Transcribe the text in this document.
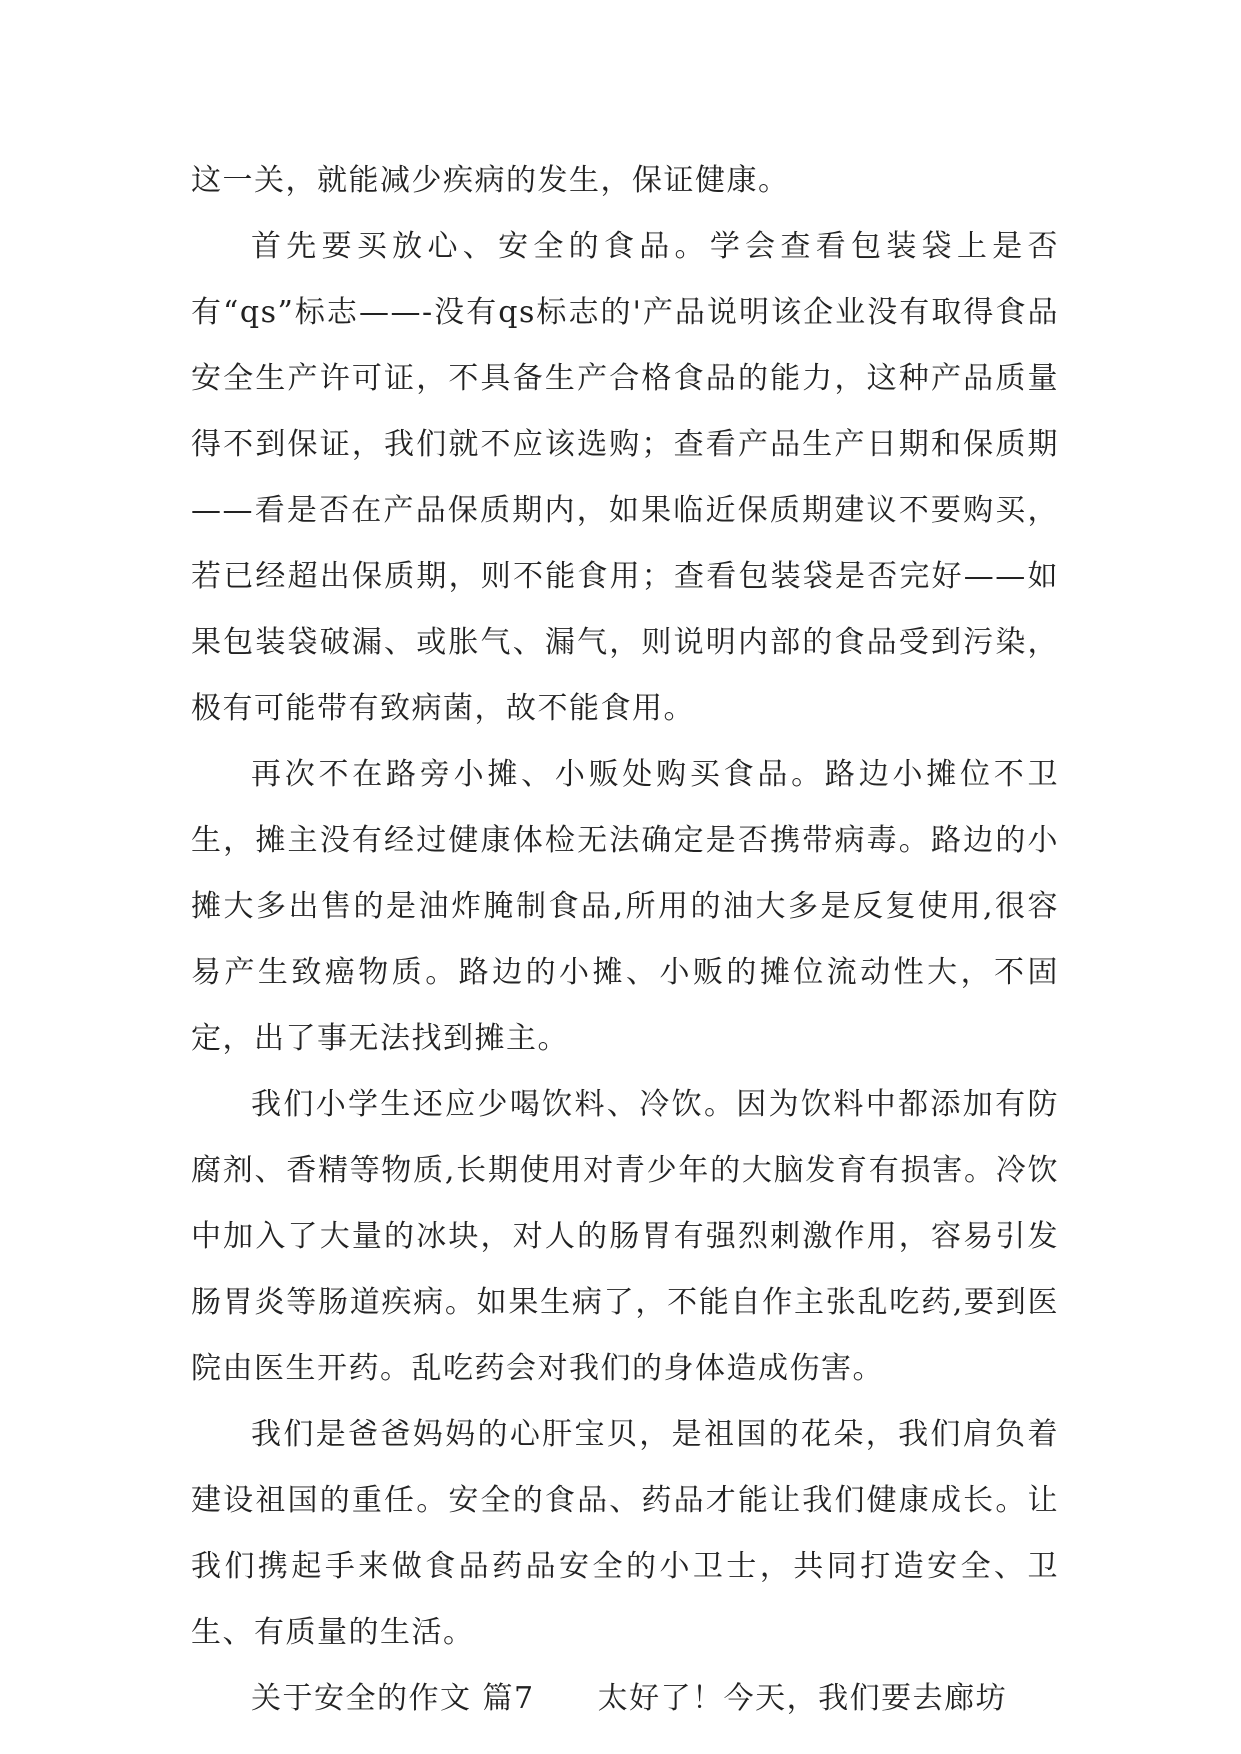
这一关，就能减少疾病的发生，保证健康。

首先要买放心、安全的食品。学会查看包装袋上是否有“qs”标志——-没有qs标志的'产品说明该企业没有取得食品安全生产许可证，不具备生产合格食品的能力，这种产品质量得不到保证，我们就不应该选购；查看产品生产日期和保质期——看是否在产品保质期内，如果临近保质期建议不要购买，若已经超出保质期，则不能食用；查看包装袋是否完好——如果包装袋破漏、或胀气、漏气，则说明内部的食品受到污染，极有可能带有致病菌，故不能食用。

再次不在路旁小摊、小贩处购买食品。路边小摊位不卫生，摊主没有经过健康体检无法确定是否携带病毒。路边的小摊大多出售的是油炸腌制食品,所用的油大多是反复使用,很容易产生致癌物质。路边的小摊、小贩的摊位流动性大，不固定，出了事无法找到摊主。

我们小学生还应少喝饮料、冷饮。因为饮料中都添加有防腐剂、香精等物质,长期使用对青少年的大脑发育有损害。冷饮中加入了大量的冰块，对人的肠胃有强烈刺激作用，容易引发肠胃炎等肠道疾病。如果生病了，不能自作主张乱吃药,要到医院由医生开药。乱吃药会对我们的身体造成伤害。

我们是爸爸妈妈的心肝宝贝，是祖国的花朵，我们肩负着建设祖国的重任。安全的食品、药品才能让我们健康成长。让我们携起手来做食品药品安全的小卫士，共同打造安全、卫生、有质量的生活。

关于安全的作文 篇7　　太好了！今天，我们要去廊坊
